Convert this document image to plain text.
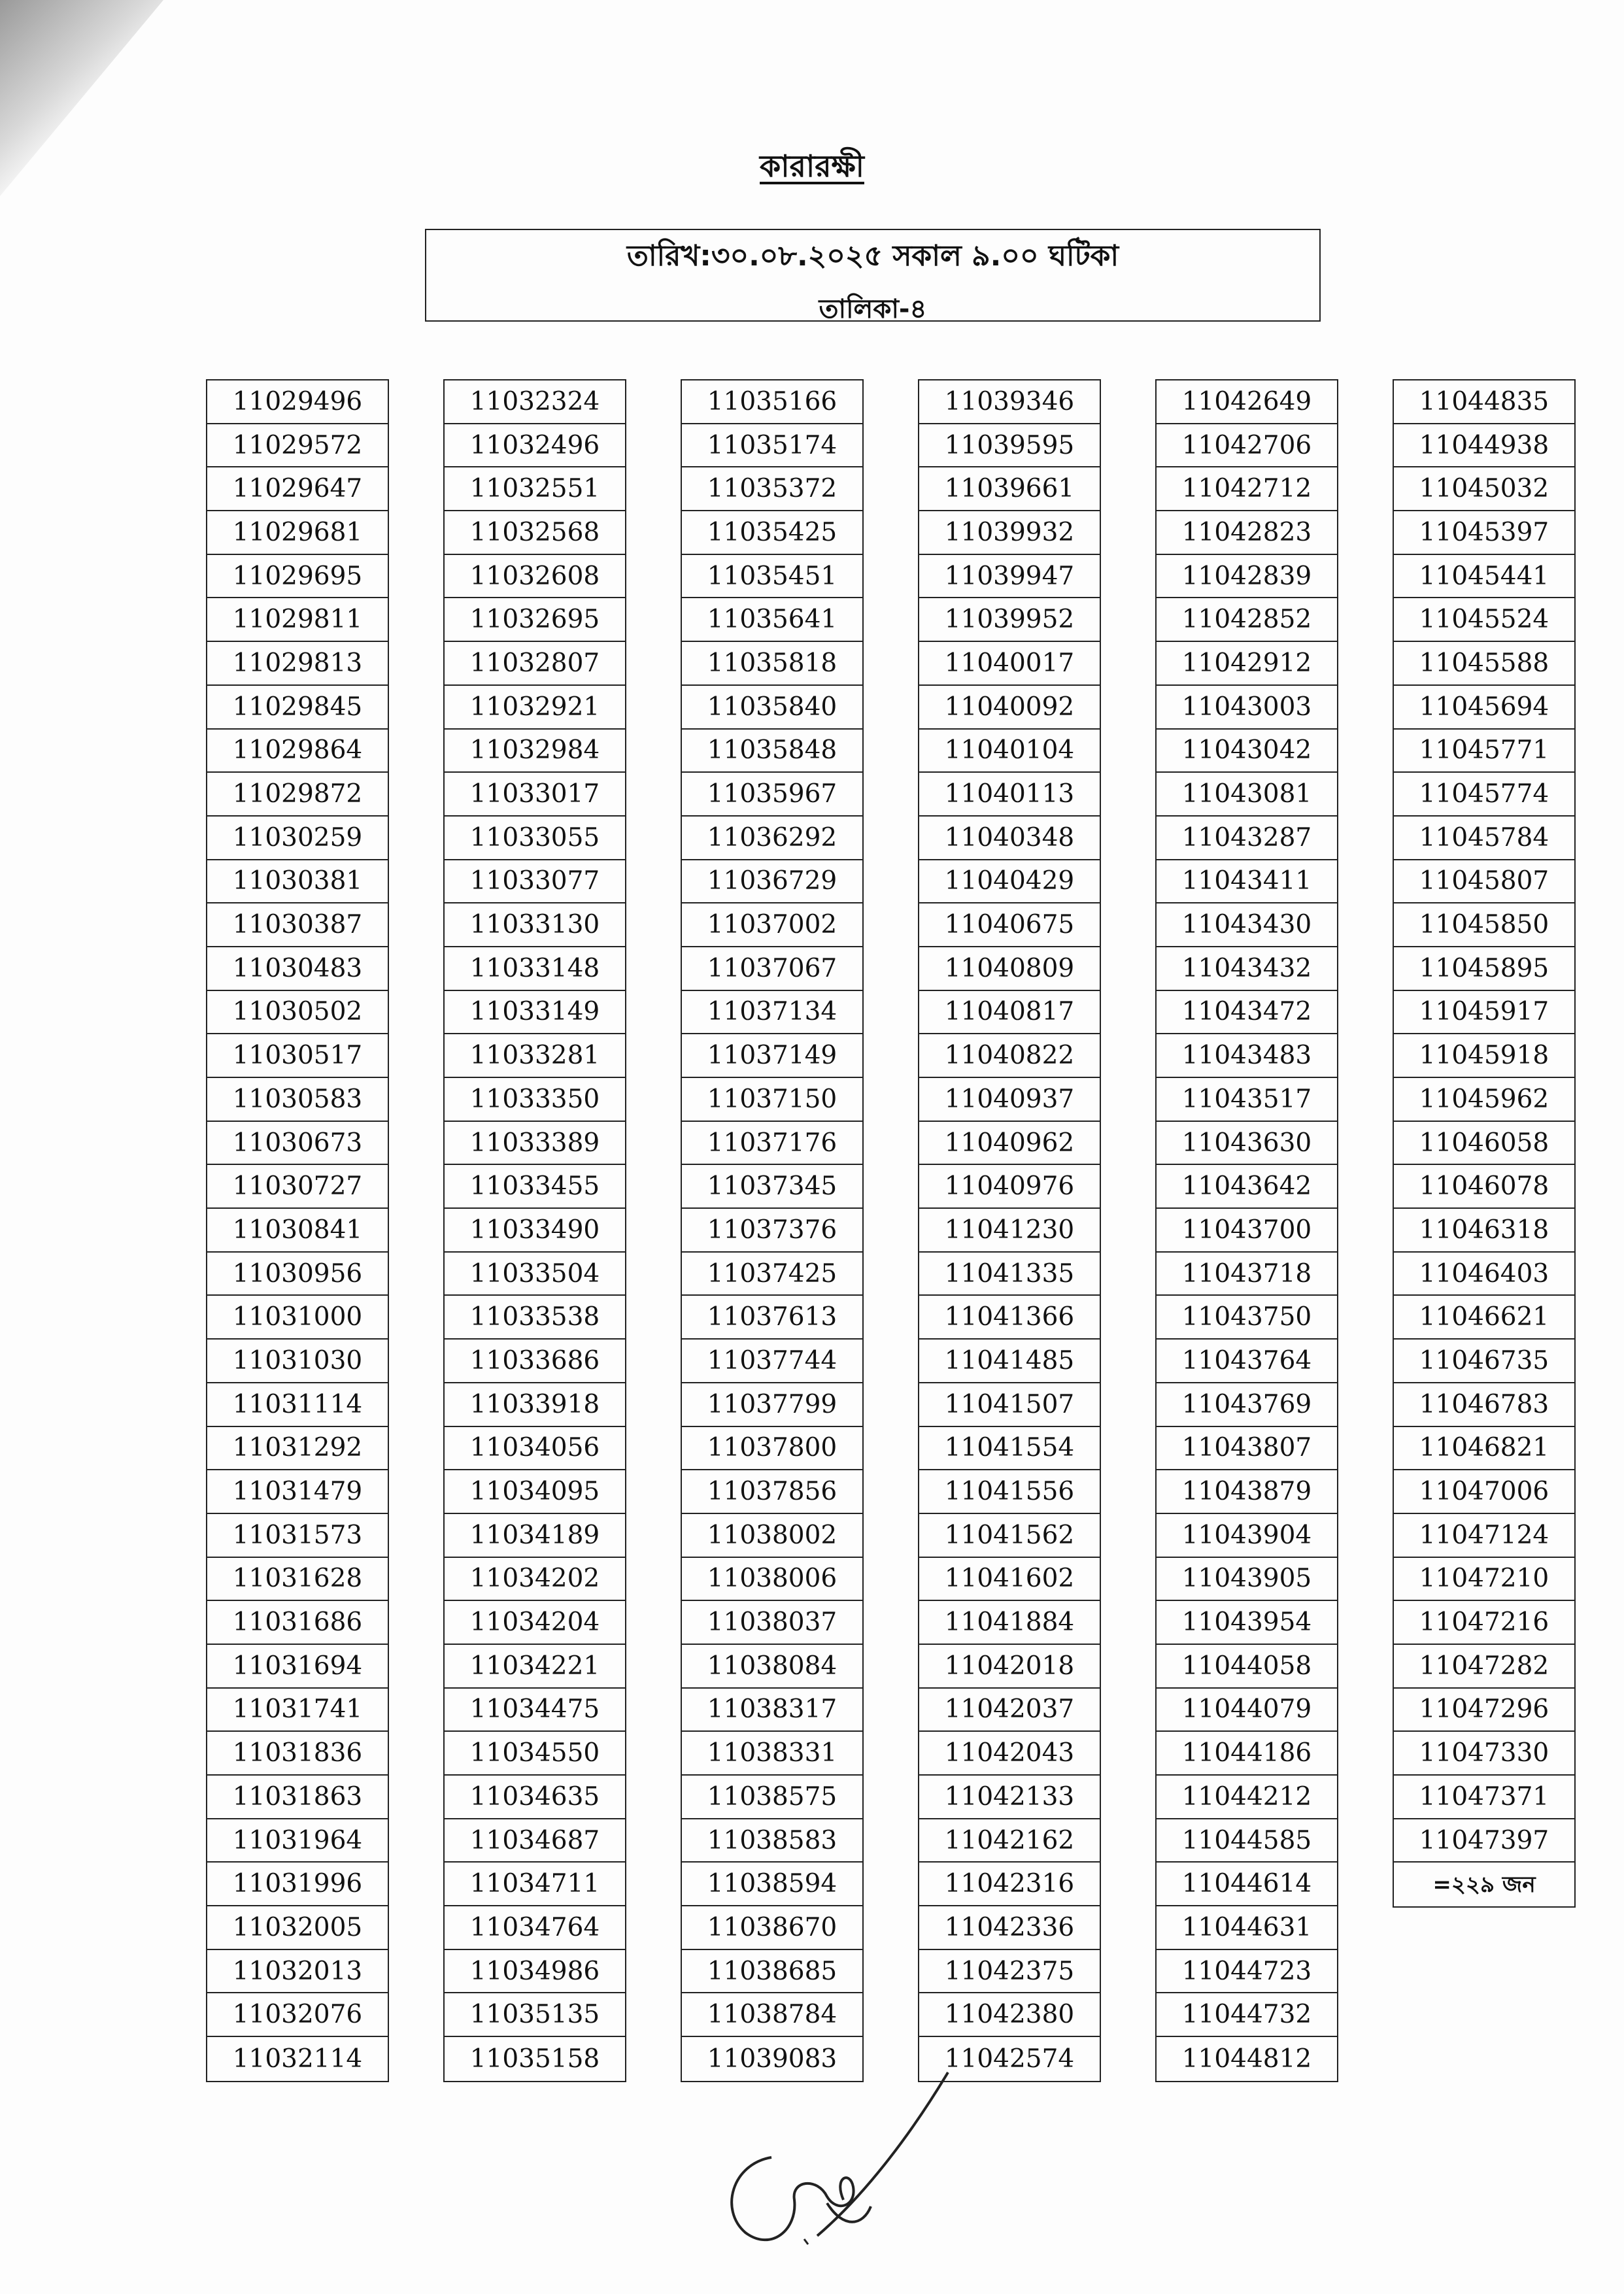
কারারক্ষী
তারিখ:৩০.০৮.২০২৫ সকাল ৯.০০ ঘটিকা
তালিকা-৪
11029496
11029572
11029647
11029681
11029695
11029811
11029813
11029845
11029864
11029872
11030259
11030381
11030387
11030483
11030502
11030517
11030583
11030673
11030727
11030841
11030956
11031000
11031030
11031114
11031292
11031479
11031573
11031628
11031686
11031694
11031741
11031836
11031863
11031964
11031996
11032005
11032013
11032076
11032114
11032324
11032496
11032551
11032568
11032608
11032695
11032807
11032921
11032984
11033017
11033055
11033077
11033130
11033148
11033149
11033281
11033350
11033389
11033455
11033490
11033504
11033538
11033686
11033918
11034056
11034095
11034189
11034202
11034204
11034221
11034475
11034550
11034635
11034687
11034711
11034764
11034986
11035135
11035158
11035166
11035174
11035372
11035425
11035451
11035641
11035818
11035840
11035848
11035967
11036292
11036729
11037002
11037067
11037134
11037149
11037150
11037176
11037345
11037376
11037425
11037613
11037744
11037799
11037800
11037856
11038002
11038006
11038037
11038084
11038317
11038331
11038575
11038583
11038594
11038670
11038685
11038784
11039083
11039346
11039595
11039661
11039932
11039947
11039952
11040017
11040092
11040104
11040113
11040348
11040429
11040675
11040809
11040817
11040822
11040937
11040962
11040976
11041230
11041335
11041366
11041485
11041507
11041554
11041556
11041562
11041602
11041884
11042018
11042037
11042043
11042133
11042162
11042316
11042336
11042375
11042380
11042574
11042649
11042706
11042712
11042823
11042839
11042852
11042912
11043003
11043042
11043081
11043287
11043411
11043430
11043432
11043472
11043483
11043517
11043630
11043642
11043700
11043718
11043750
11043764
11043769
11043807
11043879
11043904
11043905
11043954
11044058
11044079
11044186
11044212
11044585
11044614
11044631
11044723
11044732
11044812
11044835
11044938
11045032
11045397
11045441
11045524
11045588
11045694
11045771
11045774
11045784
11045807
11045850
11045895
11045917
11045918
11045962
11046058
11046078
11046318
11046403
11046621
11046735
11046783
11046821
11047006
11047124
11047210
11047216
11047282
11047296
11047330
11047371
11047397
=২২৯ জন
